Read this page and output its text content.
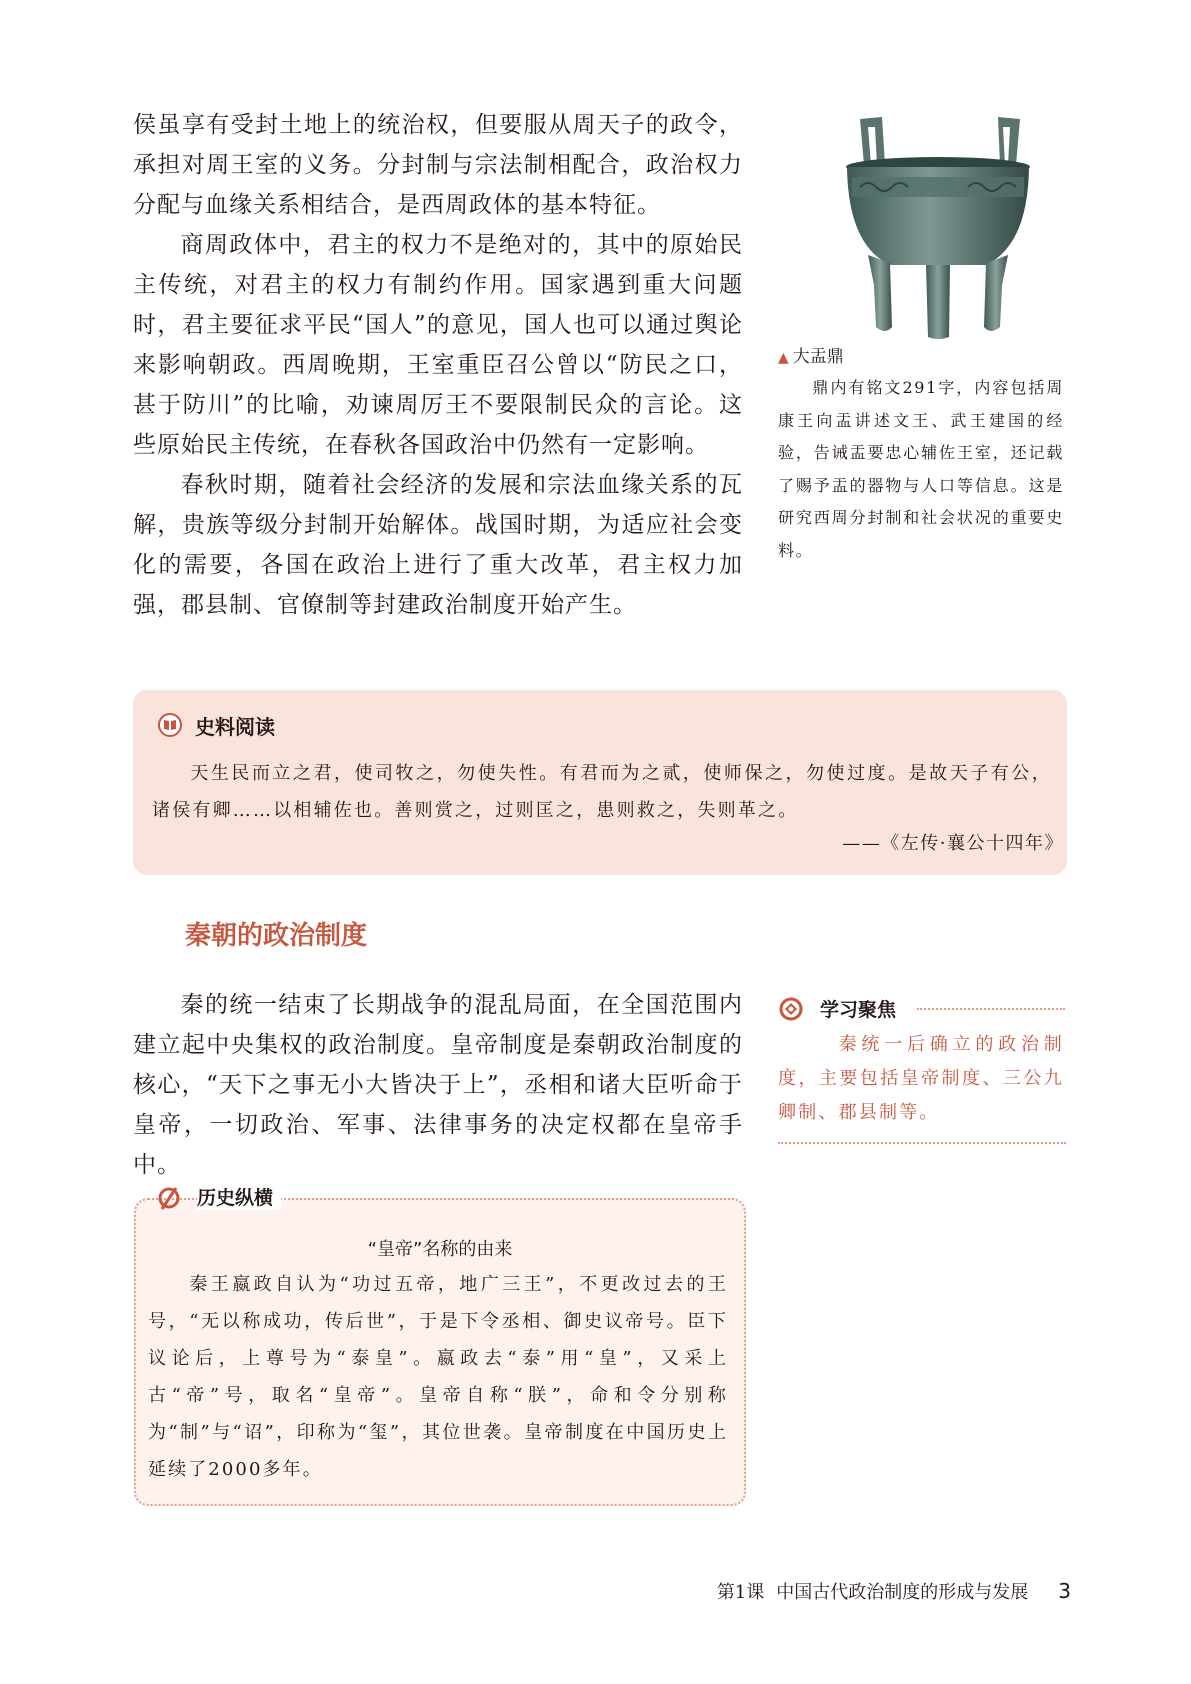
侯虽享有受封土地上的统治权，但要服从周天子的政令，承担对周王室的义务。分封制与宗法制相配合，政治权力分配与血缘关系相结合，是西周政体的基本特征。
商周政体中，君主的权力不是绝对的，其中的原始民主传统，对君主的权力有制约作用。国家遇到重大问题时，君主要征求平民“国人”的意见，国人也可以通过舆论来影响朝政。西周晚期，王室重臣召公曾以“防民之口，甚于防川”的比喻，劝谏周厉王不要限制民众的言论。这些原始民主传统，在春秋各国政治中仍然有一定影响。
春秋时期，随着社会经济的发展和宗法血缘关系的瓦解，贵族等级分封制开始解体。战国时期，为适应社会变化的需要，各国在政治上进行了重大改革，君主权力加强，郡县制、官僚制等封建政治制度开始产生。
▲ 大盂鼎
鼎内有铭文291字，内容包括周康王向盂讲述文王、武王建国的经验，告诫盂要忠心辅佐王室，还记载了赐予盂的器物与人口等信息。这是研究西周分封制和社会状况的重要史料。
史料阅读
天生民而立之君，使司牧之，勿使失性。有君而为之贰，使师保之，勿使过度。是故天子有公，诸侯有卿……以相辅佐也。善则赏之，过则匡之，患则救之，失则革之。
——《左传·襄公十四年》
秦朝的政治制度
秦的统一结束了长期战争的混乱局面，在全国范围内建立起中央集权的政治制度。皇帝制度是秦朝政治制度的核心，“天下之事无小大皆决于上”，丞相和诸大臣听命于皇帝，一切政治、军事、法律事务的决定权都在皇帝手中。
学习聚焦
秦统一后确立的政治制度，主要包括皇帝制度、三公九卿制、郡县制等。
历史纵横
“皇帝”名称的由来
秦王嬴政自认为“功过五帝，地广三王”，不更改过去的王号，“无以称成功，传后世”，于是下令丞相、御史议帝号。臣下议论后，上尊号为“泰皇”。嬴政去“泰”用“皇”，又采上古“帝”号，取名“皇帝”。皇帝自称“朕”，命和令分别称为“制”与“诏”，印称为“玺”，其位世袭。皇帝制度在中国历史上延续了2000多年。
第1课 中国古代政治制度的形成与发展 3
